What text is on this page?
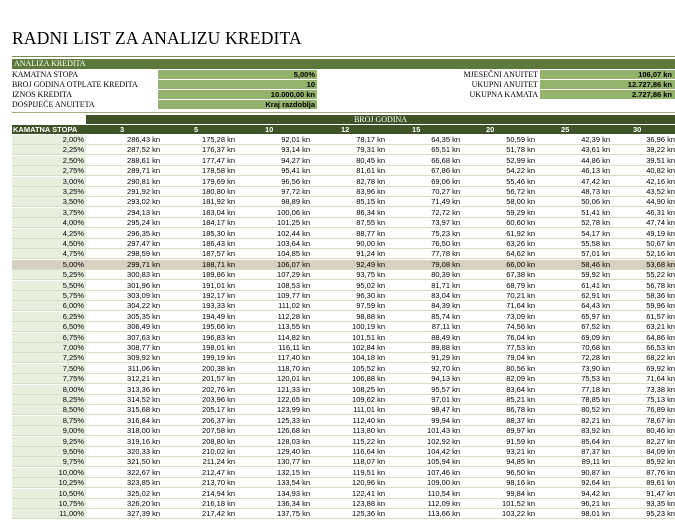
RADNI LIST ZA ANALIZU KREDITA
ANALIZA KREDITA
KAMATNA STOPA	5,00%	MJESEČNI ANUITET	106,07 kn
BROJ GODINA OTPLATE KREDITA	10	UKUPNI ANUITET	12.727,86 kn
IZNOS KREDITA	10.000,00 kn	UKUPNA KAMATA	2.727,86 kn
DOSPIJEĆE ANUITETA	Kraj razdoblja
BROJ GODINA
KAMATNA STOPA	3	5	10	12	15	20	25	30
2,00%	286,43 kn	175,28 kn	92,01 kn	78,17 kn	64,35 kn	50,59 kn	42,39 kn	36,96 kn
2,25%	287,52 kn	176,37 kn	93,14 kn	79,31 kn	65,51 kn	51,78 kn	43,61 kn	38,22 kn
2,50%	288,61 kn	177,47 kn	94,27 kn	80,45 kn	66,68 kn	52,99 kn	44,86 kn	39,51 kn
2,75%	289,71 kn	178,58 kn	95,41 kn	81,61 kn	67,86 kn	54,22 kn	46,13 kn	40,82 kn
3,00%	290,81 kn	179,69 kn	96,56 kn	82,78 kn	69,06 kn	55,46 kn	47,42 kn	42,16 kn
3,25%	291,92 kn	180,80 kn	97,72 kn	83,96 kn	70,27 kn	56,72 kn	48,73 kn	43,52 kn
3,50%	293,02 kn	181,92 kn	98,89 kn	85,15 kn	71,49 kn	58,00 kn	50,06 kn	44,90 kn
3,75%	294,13 kn	183,04 kn	100,06 kn	86,34 kn	72,72 kn	59,29 kn	51,41 kn	46,31 kn
4,00%	295,24 kn	184,17 kn	101,25 kn	87,55 kn	73,97 kn	60,60 kn	52,78 kn	47,74 kn
4,25%	296,35 kn	185,30 kn	102,44 kn	88,77 kn	75,23 kn	61,92 kn	54,17 kn	49,19 kn
4,50%	297,47 kn	186,43 kn	103,64 kn	90,00 kn	76,50 kn	63,26 kn	55,58 kn	50,67 kn
4,75%	298,59 kn	187,57 kn	104,85 kn	91,24 kn	77,78 kn	64,62 kn	57,01 kn	52,16 kn
5,00%	299,71 kn	188,71 kn	106,07 kn	92,49 kn	79,08 kn	66,00 kn	58,46 kn	53,68 kn
5,25%	300,83 kn	189,86 kn	107,29 kn	93,75 kn	80,39 kn	67,38 kn	59,92 kn	55,22 kn
5,50%	301,96 kn	191,01 kn	108,53 kn	95,02 kn	81,71 kn	68,79 kn	61,41 kn	56,78 kn
5,75%	303,09 kn	192,17 kn	109,77 kn	96,30 kn	83,04 kn	70,21 kn	62,91 kn	58,36 kn
6,00%	304,22 kn	193,33 kn	111,02 kn	97,59 kn	84,39 kn	71,64 kn	64,43 kn	59,96 kn
6,25%	305,35 kn	194,49 kn	112,28 kn	98,88 kn	85,74 kn	73,09 kn	65,97 kn	61,57 kn
6,50%	306,49 kn	195,66 kn	113,55 kn	100,19 kn	87,11 kn	74,56 kn	67,52 kn	63,21 kn
6,75%	307,63 kn	196,83 kn	114,82 kn	101,51 kn	88,49 kn	76,04 kn	69,09 kn	64,86 kn
7,00%	308,77 kn	198,01 kn	116,11 kn	102,84 kn	89,88 kn	77,53 kn	70,68 kn	66,53 kn
7,25%	309,92 kn	199,19 kn	117,40 kn	104,18 kn	91,29 kn	79,04 kn	72,28 kn	68,22 kn
7,50%	311,06 kn	200,38 kn	118,70 kn	105,52 kn	92,70 kn	80,56 kn	73,90 kn	69,92 kn
7,75%	312,21 kn	201,57 kn	120,01 kn	106,88 kn	94,13 kn	82,09 kn	75,53 kn	71,64 kn
8,00%	313,36 kn	202,76 kn	121,33 kn	108,25 kn	95,57 kn	83,64 kn	77,18 kn	73,38 kn
8,25%	314,52 kn	203,96 kn	122,65 kn	109,62 kn	97,01 kn	85,21 kn	78,85 kn	75,13 kn
8,50%	315,68 kn	205,17 kn	123,99 kn	111,01 kn	98,47 kn	86,78 kn	80,52 kn	76,89 kn
8,75%	316,84 kn	206,37 kn	125,33 kn	112,40 kn	99,94 kn	88,37 kn	82,21 kn	78,67 kn
9,00%	318,00 kn	207,58 kn	126,68 kn	113,80 kn	101,43 kn	89,97 kn	83,92 kn	80,46 kn
9,25%	319,16 kn	208,80 kn	128,03 kn	115,22 kn	102,92 kn	91,59 kn	85,64 kn	82,27 kn
9,50%	320,33 kn	210,02 kn	129,40 kn	116,64 kn	104,42 kn	93,21 kn	87,37 kn	84,09 kn
9,75%	321,50 kn	211,24 kn	130,77 kn	118,07 kn	105,94 kn	94,85 kn	89,11 kn	85,92 kn
10,00%	322,67 kn	212,47 kn	132,15 kn	119,51 kn	107,46 kn	96,50 kn	90,87 kn	87,76 kn
10,25%	323,85 kn	213,70 kn	133,54 kn	120,96 kn	109,00 kn	98,16 kn	92,64 kn	89,61 kn
10,50%	325,02 kn	214,94 kn	134,93 kn	122,41 kn	110,54 kn	99,84 kn	94,42 kn	91,47 kn
10,75%	326,20 kn	216,18 kn	136,34 kn	123,88 kn	112,09 kn	101,52 kn	96,21 kn	93,35 kn
11,00%	327,39 kn	217,42 kn	137,75 kn	125,36 kn	113,66 kn	103,22 kn	98,01 kn	95,23 kn
